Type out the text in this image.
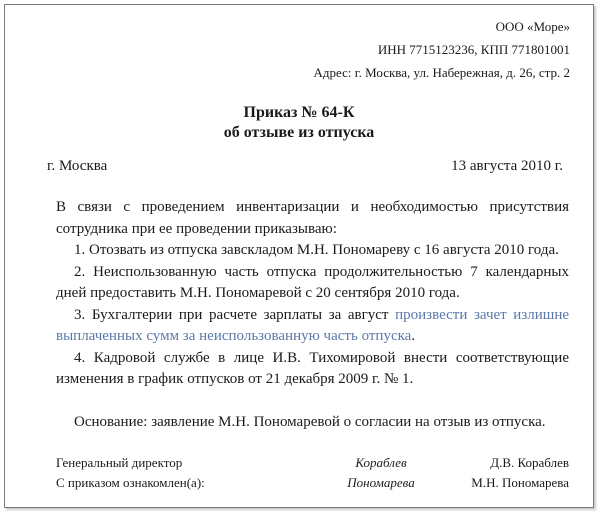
ООО «Море»
ИНН 7715123236, КПП 771801001
Адрес: г. Москва, ул. Набережная, д. 26, стр. 2
Приказ № 64-К
об отзыве из отпуска
г. Москва	13 августа 2010 г.

В связи с проведением инвентаризации и необходимостью присутствия сотрудника при ее проведении приказываю:

1. Отозвать из отпуска завскладом М.Н. Пономареву с 16 августа 2010 года.

2. Неиспользованную часть отпуска продолжительностью 7 календарных дней предоставить М.Н. Пономаревой с 20 сентября 2010 года.

3. Бухгалтерии при расчете зарплаты за август произвести зачет излишне выплаченных сумм за неиспользованную часть отпуска.

4. Кадровой службе в лице И.В. Тихомировой внести соответствующие изменения в график отпусков от 21 декабря 2009 г. № 1.

Основание: заявление М.Н. Пономаревой о согласии на отзыв из отпуска.
Генеральный директор	Кораблев	Д.В. Кораблев
С приказом ознакомлен(а):	Пономарева	М.Н. Пономарева
